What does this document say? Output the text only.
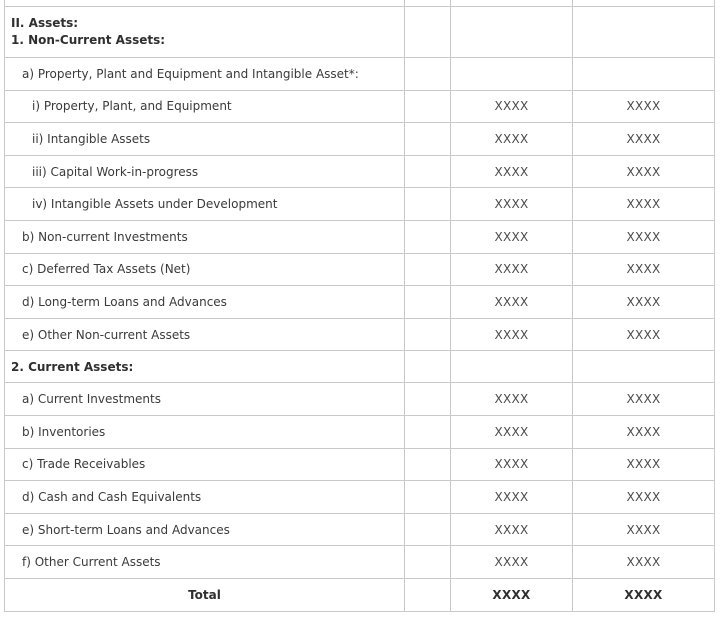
II. Assets:
1. Non-Current Assets:			

a) Property, Plant and Equipment and Intangible Asset*:			
i) Property, Plant, and Equipment		XXXX	XXXX
ii) Intangible Assets		XXXX	XXXX
iii) Capital Work-in-progress		XXXX	XXXX
iv) Intangible Assets under Development		XXXX	XXXX
b) Non-current Investments		XXXX	XXXX
c) Deferred Tax Assets (Net)		XXXX	XXXX
d) Long-term Loans and Advances		XXXX	XXXX
e) Other Non-current Assets		XXXX	XXXX
2. Current Assets:			
a) Current Investments		XXXX	XXXX
b) Inventories		XXXX	XXXX
c) Trade Receivables		XXXX	XXXX
d) Cash and Cash Equivalents		XXXX	XXXX
e) Short-term Loans and Advances		XXXX	XXXX
f) Other Current Assets		XXXX	XXXX
Total		XXXX	XXXX
